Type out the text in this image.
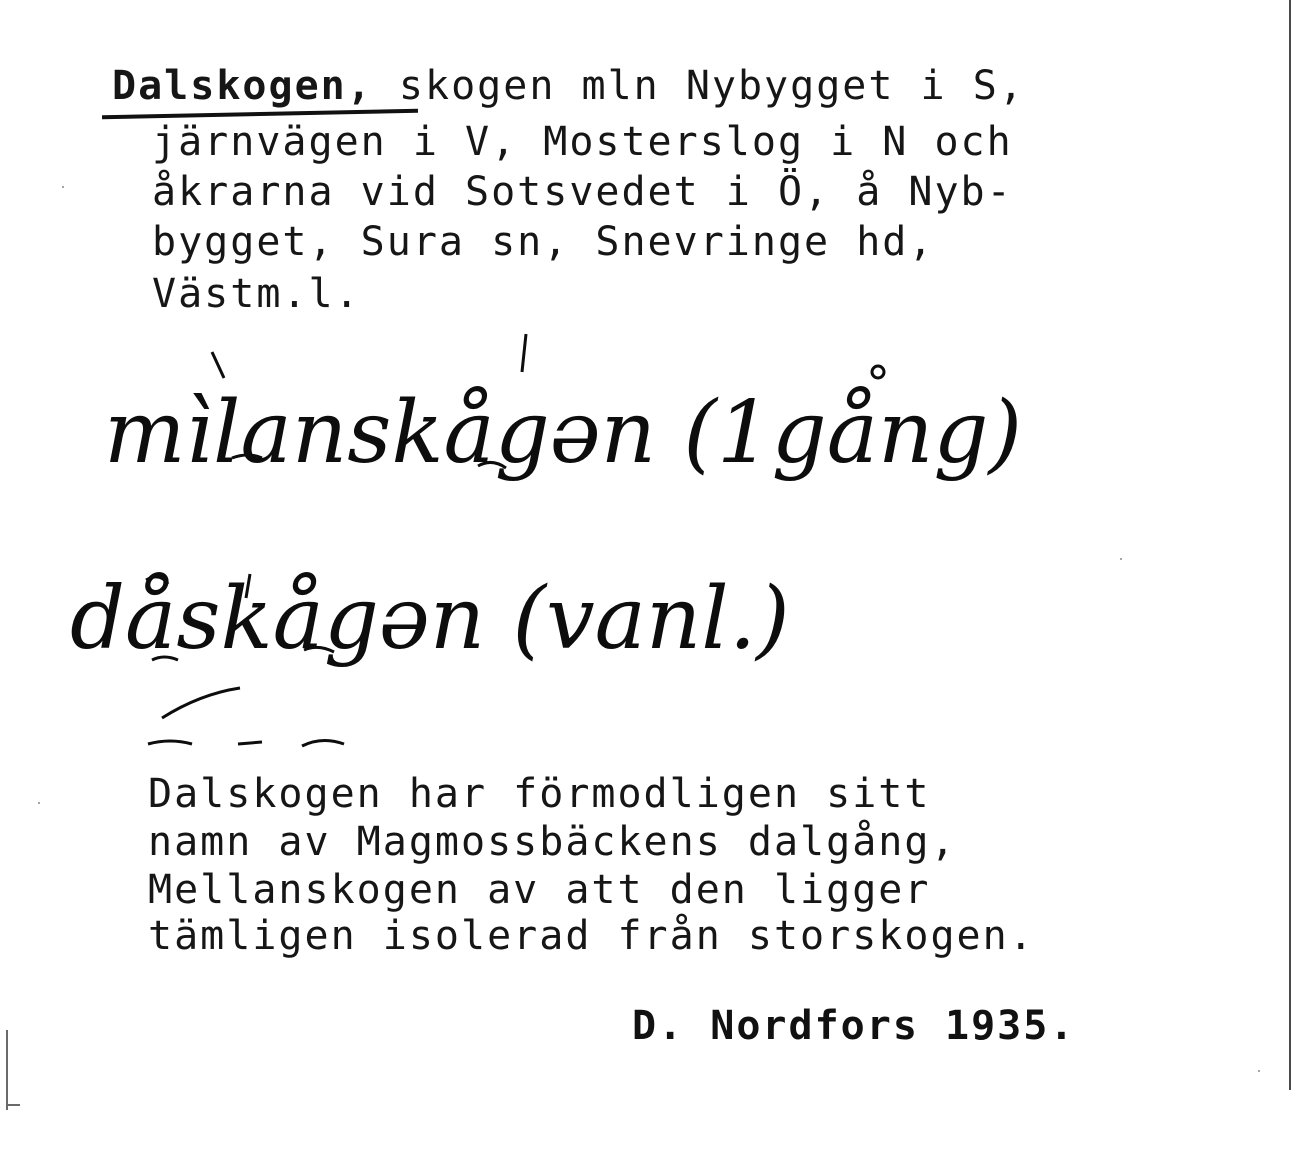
Dalskogen, skogen mln Nybygget i S,
järnvägen i V, Mosterslog i N och
åkrarna vid Sotsvedet i Ö, å Nyb-
bygget, Sura sn, Snevringe hd,
Västm.l.
mìlanskågən (1gång)
dåskågən (vanl.)
Dalskogen har förmodligen sitt
namn av Magmossbäckens dalgång,
Mellanskogen av att den ligger
tämligen isolerad från storskogen.
D. Nordfors 1935.
